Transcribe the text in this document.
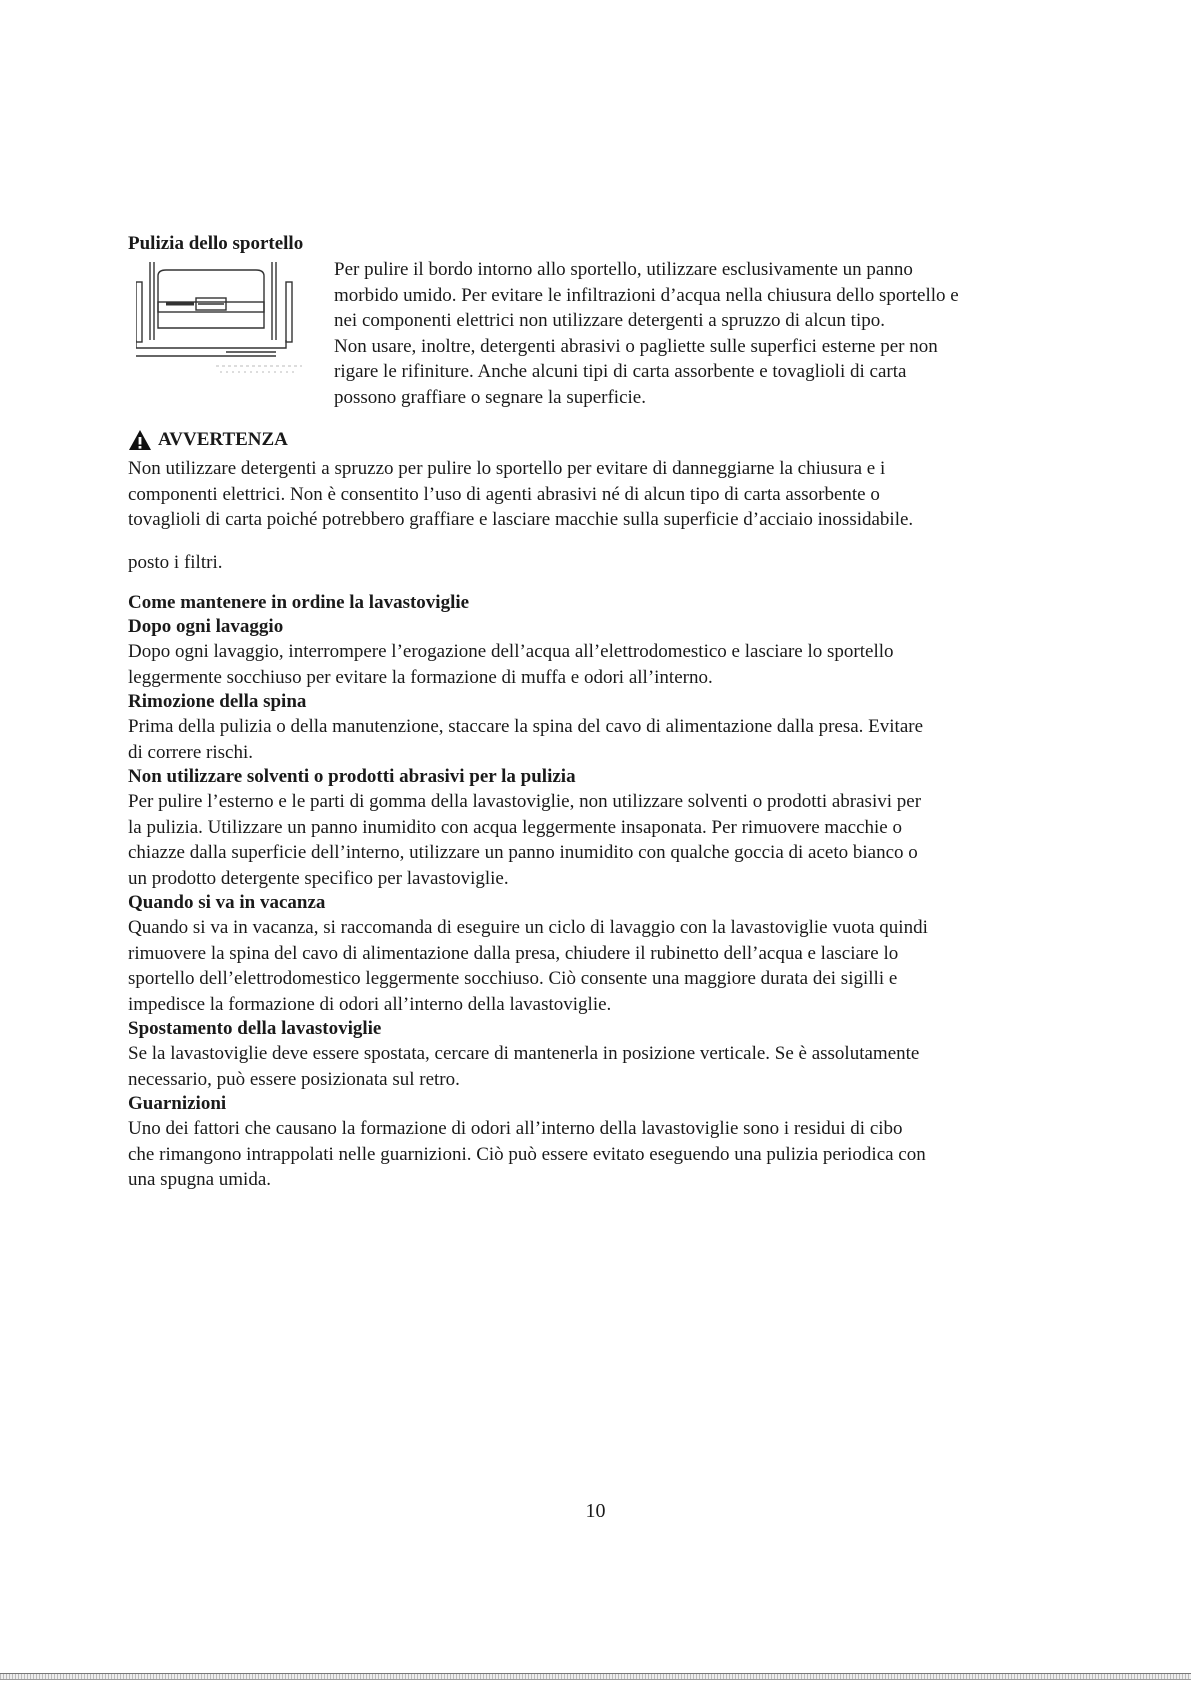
Pulizia dello sportello

Per pulire il bordo intorno allo sportello, utilizzare esclusivamente un panno

morbido umido. Per evitare le infiltrazioni d’acqua nella chiusura dello sportello e

nei componenti elettrici non utilizzare detergenti a spruzzo di alcun tipo.

Non usare, inoltre, detergenti abrasivi o pagliette sulle superfici esterne per non

rigare le rifiniture. Anche alcuni tipi di carta assorbente e tovaglioli di carta

possono graffiare o segnare la superficie.

AVVERTENZA

Non utilizzare detergenti a spruzzo per pulire lo sportello per evitare di danneggiarne la chiusura e i

componenti elettrici. Non è consentito l’uso di agenti abrasivi né di alcun tipo di carta assorbente o

tovaglioli di carta poiché potrebbero graffiare e lasciare macchie sulla superficie d’acciaio inossidabile.

posto i filtri.

Come mantenere in ordine la lavastoviglie
Dopo ogni lavaggio

Dopo ogni lavaggio, interrompere l’erogazione dell’acqua all’elettrodomestico e lasciare lo sportello

leggermente socchiuso per evitare la formazione di muffa e odori all’interno.

Rimozione della spina

Prima della pulizia o della manutenzione, staccare la spina del cavo di alimentazione dalla presa. Evitare

di correre rischi.

Non utilizzare solventi o prodotti abrasivi per la pulizia

Per pulire l’esterno e le parti di gomma della lavastoviglie, non utilizzare solventi o prodotti abrasivi per

la pulizia. Utilizzare un panno inumidito con acqua leggermente insaponata. Per rimuovere macchie o

chiazze dalla superficie dell’interno, utilizzare un panno inumidito con qualche goccia di aceto bianco o

un prodotto detergente specifico per lavastoviglie.

Quando si va in vacanza

Quando si va in vacanza, si raccomanda di eseguire un ciclo di lavaggio con la lavastoviglie vuota quindi

rimuovere la spina del cavo di alimentazione dalla presa, chiudere il rubinetto dell’acqua e lasciare lo

sportello dell’elettrodomestico leggermente socchiuso. Ciò consente una maggiore durata dei sigilli e

impedisce la formazione di odori all’interno della lavastoviglie.

Spostamento della lavastoviglie

Se la lavastoviglie deve essere spostata, cercare di mantenerla in posizione verticale. Se è assolutamente

necessario, può essere posizionata sul retro.

Guarnizioni

Uno dei fattori che causano la formazione di odori all’interno della lavastoviglie sono i residui di cibo

che rimangono intrappolati nelle guarnizioni. Ciò può essere evitato eseguendo una pulizia periodica con

una spugna umida.

10
